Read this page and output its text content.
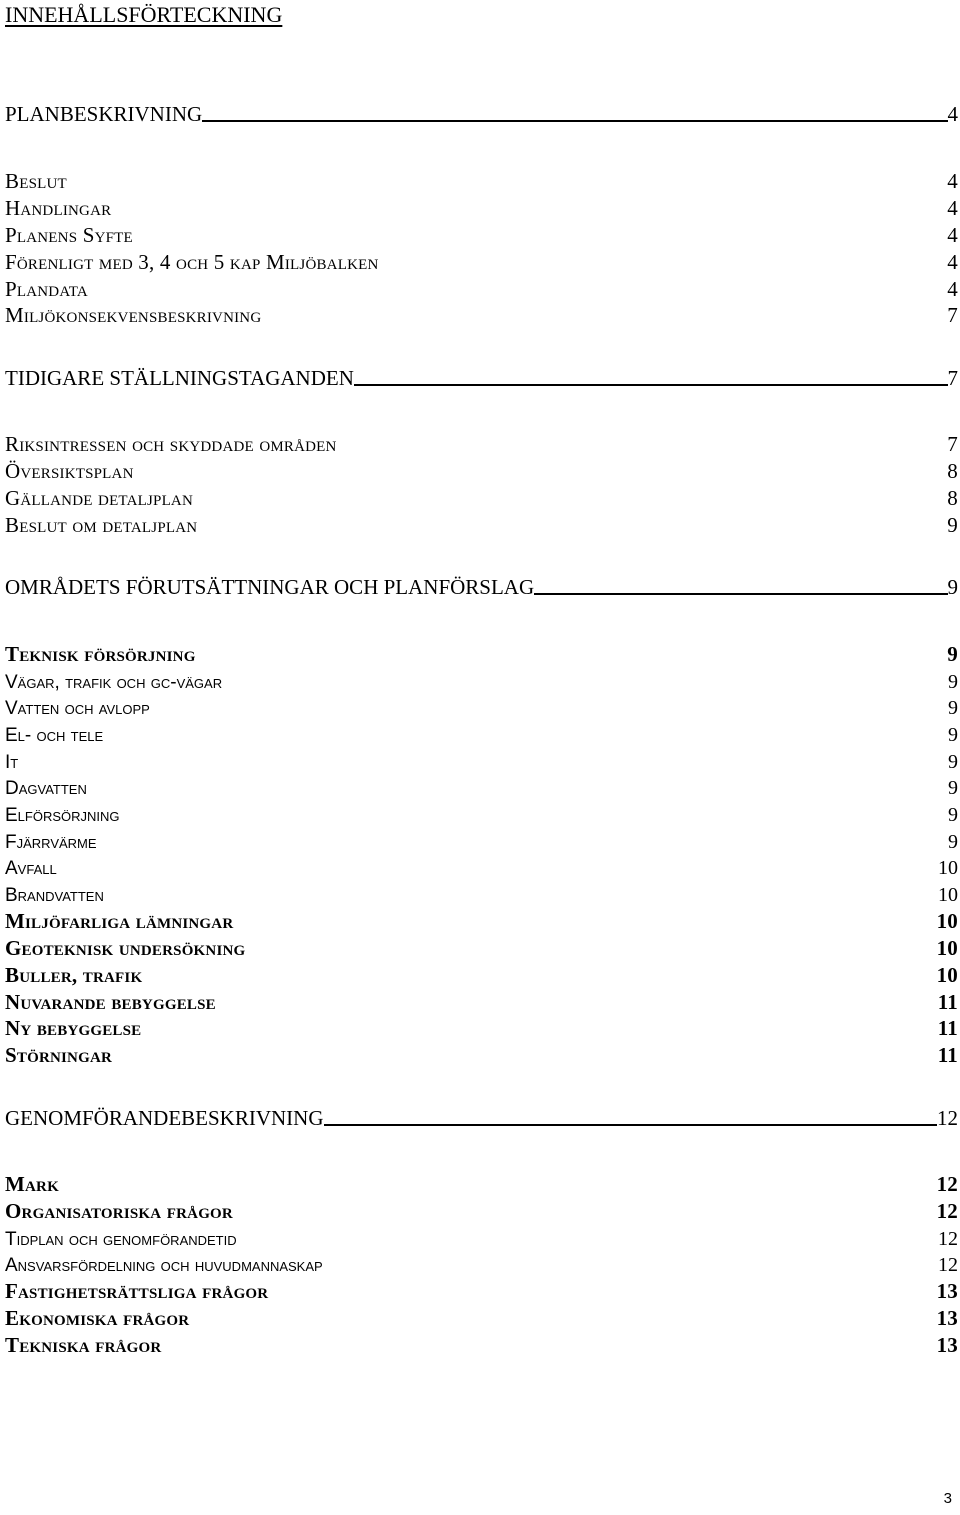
INNEHÅLLSFÖRTECKNING
PLANBESKRIVNING	4
Beslut	4
Handlingar	4
Planens Syfte	4
Förenligt med 3, 4 och 5 kap Miljöbalken	4
Plandata	4
Miljökonsekvensbeskrivning	7
TIDIGARE STÄLLNINGSTAGANDEN	7
Riksintressen och skyddade områden	7
Översiktsplan	8
Gällande detaljplan	8
Beslut om detaljplan	9
OMRÅDETS FÖRUTSÄTTNINGAR OCH PLANFÖRSLAG	9
Teknisk försörjning	9
Vägar, trafik och gc-vägar	9
Vatten och avlopp	9
El- och tele	9
It	9
Dagvatten	9
Elförsörjning	9
Fjärrvärme	9
Avfall	10
Brandvatten	10
Miljöfarliga lämningar	10
Geoteknisk undersökning	10
Buller, trafik	10
Nuvarande bebyggelse	11
Ny bebyggelse	11
Störningar	11
GENOMFÖRANDEBESKRIVNING	12
Mark	12
Organisatoriska frågor	12
Tidplan och genomförandetid	12
Ansvarsfördelning och huvudmannaskap	12
Fastighetsrättsliga frågor	13
Ekonomiska frågor	13
Tekniska frågor	13
3
